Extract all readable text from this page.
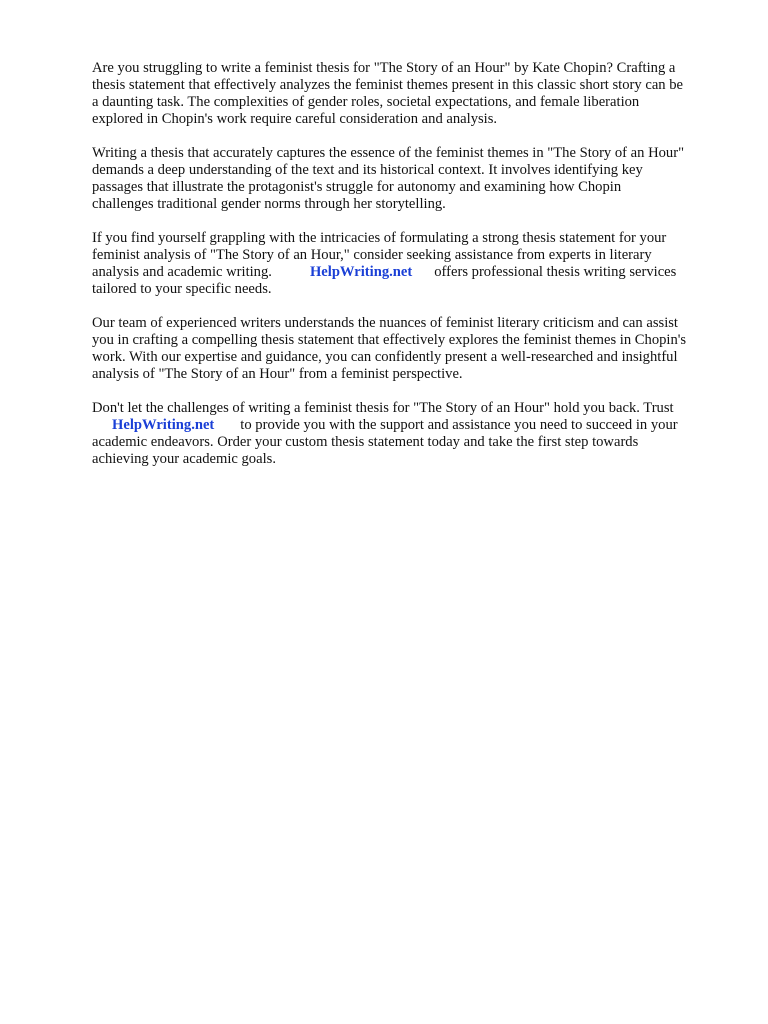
Are you struggling to write a feminist thesis for "The Story of an Hour" by Kate Chopin? Crafting a
thesis statement that effectively analyzes the feminist themes present in this classic short story can be
a daunting task. The complexities of gender roles, societal expectations, and female liberation
explored in Chopin's work require careful consideration and analysis.
Writing a thesis that accurately captures the essence of the feminist themes in "The Story of an Hour"
demands a deep understanding of the text and its historical context. It involves identifying key
passages that illustrate the protagonist's struggle for autonomy and examining how Chopin
challenges traditional gender norms through her storytelling.
If you find yourself grappling with the intricacies of formulating a strong thesis statement for your
feminist analysis of "The Story of an Hour," consider seeking assistance from experts in literary
analysis and academic writing.	HelpWriting.net offers professional thesis writing services
tailored to your specific needs.
Our team of experienced writers understands the nuances of feminist literary criticism and can assist
you in crafting a compelling thesis statement that effectively explores the feminist themes in Chopin's
work. With our expertise and guidance, you can confidently present a well-researched and insightful
analysis of "The Story of an Hour" from a feminist perspective.
Don't let the challenges of writing a feminist thesis for "The Story of an Hour" hold you back. Trust
HelpWriting.net to provide you with the support and assistance you need to succeed in your
academic endeavors. Order your custom thesis statement today and take the first step towards
achieving your academic goals.
